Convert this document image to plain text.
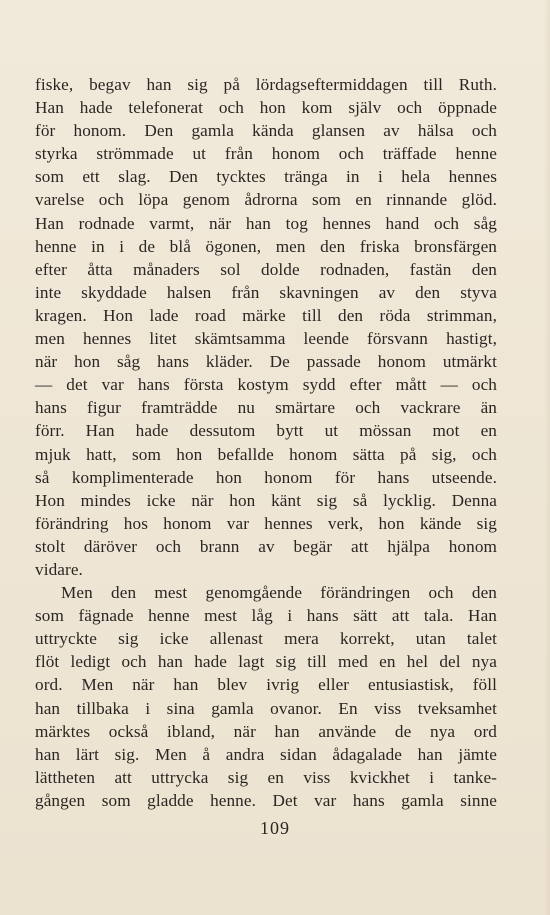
fiske, begav han sig på lördagseftermiddagen till Ruth.
Han hade telefonerat och hon kom själv och öppnade
för honom. Den gamla kända glansen av hälsa och
styrka strömmade ut från honom och träffade henne
som ett slag. Den tycktes tränga in i hela hennes
varelse och löpa genom ådrorna som en rinnande glöd.
Han rodnade varmt, när han tog hennes hand och såg
henne in i de blå ögonen, men den friska bronsfärgen
efter åtta månaders sol dolde rodnaden, fastän den
inte skyddade halsen från skavningen av den styva
kragen. Hon lade road märke till den röda strimman,
men hennes litet skämtsamma leende försvann hastigt,
när hon såg hans kläder. De passade honom utmärkt
— det var hans första kostym sydd efter mått — och
hans figur framträdde nu smärtare och vackrare än
förr. Han hade dessutom bytt ut mössan mot en
mjuk hatt, som hon befallde honom sätta på sig, och
så komplimenterade hon honom för hans utseende.
Hon mindes icke när hon känt sig så lycklig. Denna
förändring hos honom var hennes verk, hon kände sig
stolt däröver och brann av begär att hjälpa honom
vidare.
Men den mest genomgående förändringen och den
som fägnade henne mest låg i hans sätt att tala. Han
uttryckte sig icke allenast mera korrekt, utan talet
flöt ledigt och han hade lagt sig till med en hel del nya
ord. Men när han blev ivrig eller entusiastisk, föll
han tillbaka i sina gamla ovanor. En viss tveksamhet
märktes också ibland, när han använde de nya ord
han lärt sig. Men å andra sidan ådagalade han jämte
lättheten att uttrycka sig en viss kvickhet i tanke-
gången som gladde henne. Det var hans gamla sinne
109
